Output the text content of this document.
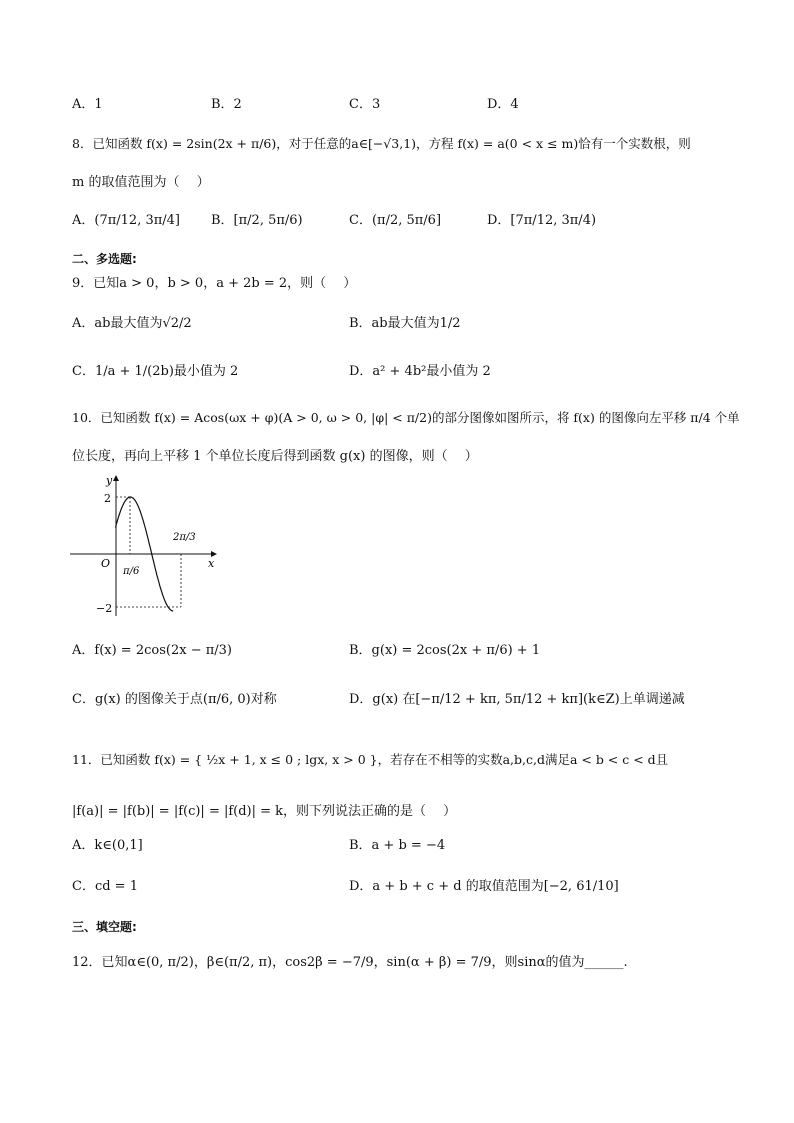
A．1	B．2	C．3	D．4
8．已知函数 f(x) = 2sin(2x + π/6)，对于任意的a∈[−√3,1)，方程 f(x) = a(0 < x ≤ m)恰有一个实数根，则
m 的取值范围为（　 ）
A．(7π/12, 3π/4] B．[π/2, 5π/6)	C．(π/2, 5π/6]	D．[7π/12, 3π/4)
二、多选题:
9．已知a > 0，b > 0，a + 2b = 2，则（　 ）
A．ab最大值为√2/2	B．ab最大值为1/2
C．1/a + 1/(2b)最小值为 2	D．a² + 4b²最小值为 2
10．已知函数 f(x) = Acos(ωx + φ)(A > 0, ω > 0, |φ| < π/2)的部分图像如图所示，将 f(x) 的图像向左平移 π/4 个单
位长度，再向上平移 1 个单位长度后得到函数 g(x) 的图像，则（　 ）
y
x
O
2
−2
π/6
2π/3
A．f(x) = 2cos(2x − π/3)	B．g(x) = 2cos(2x + π/6) + 1
C．g(x) 的图像关于点(π/6, 0)对称	D．g(x) 在[−π/12 + kπ, 5π/12 + kπ](k∈Z)上单调递减
11．已知函数 f(x) = { ½x + 1, x ≤ 0 ; lgx, x > 0 }，若存在不相等的实数a,b,c,d满足a < b < c < d且
|f(a)| = |f(b)| = |f(c)| = |f(d)| = k，则下列说法正确的是（　 ）
A．k∈(0,1]	B．a + b = −4
C．cd = 1	D．a + b + c + d 的取值范围为[−2, 61/10]
三、填空题:
12．已知α∈(0, π/2)，β∈(π/2, π)，cos2β = −7/9，sin(α + β) = 7/9，则sinα的值为______.
